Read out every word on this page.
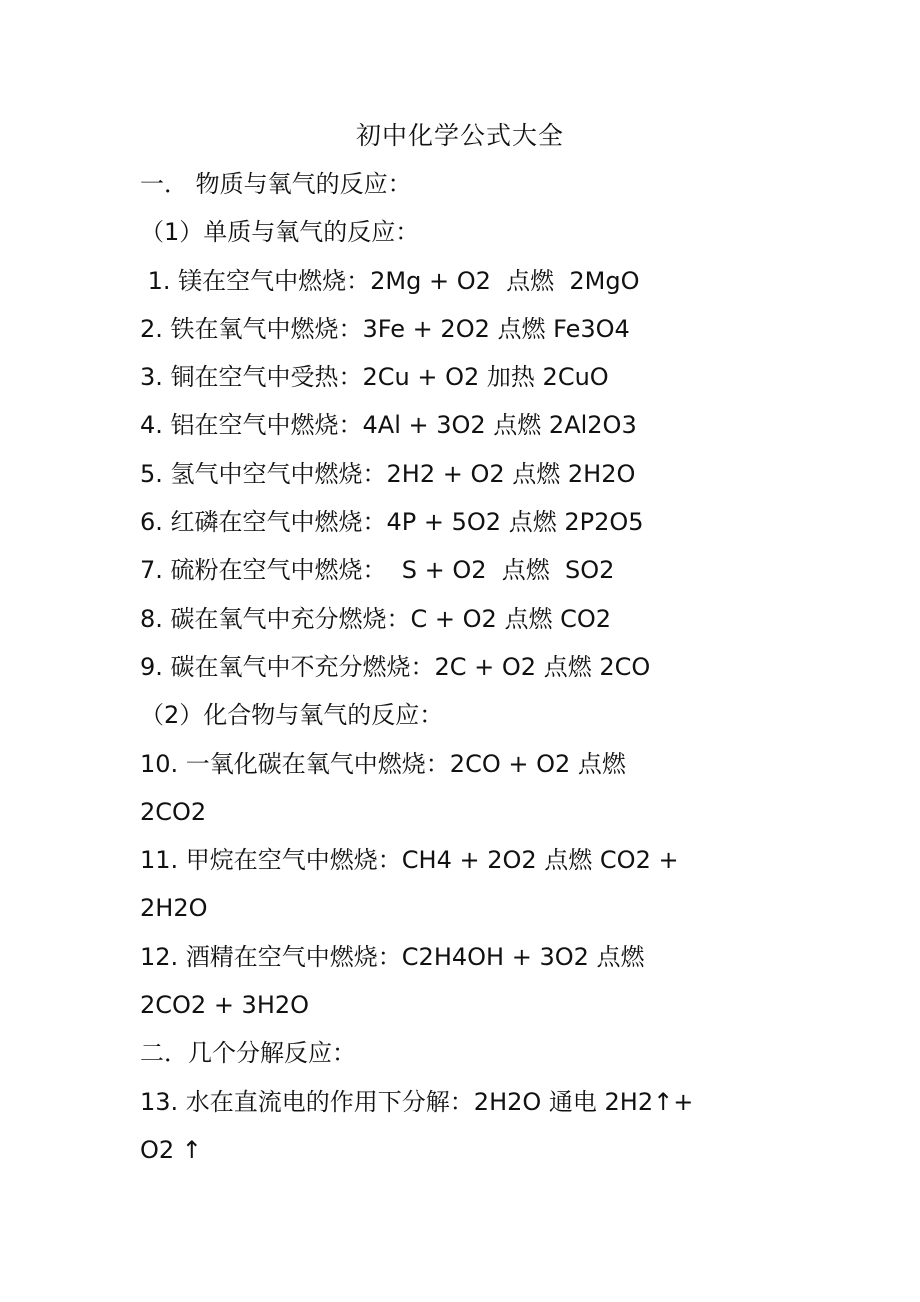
初中化学公式大全
一． 物质与氧气的反应：
（1）单质与氧气的反应：
1. 镁在空气中燃烧：2Mg + O2  点燃  2MgO
2. 铁在氧气中燃烧：3Fe + 2O2 点燃 Fe3O4
3. 铜在空气中受热：2Cu + O2 加热 2CuO
4. 铝在空气中燃烧：4Al + 3O2 点燃 2Al2O3
5. 氢气中空气中燃烧：2H2 + O2 点燃 2H2O
6. 红磷在空气中燃烧：4P + 5O2 点燃 2P2O5
7. 硫粉在空气中燃烧：  S + O2  点燃  SO2
8. 碳在氧气中充分燃烧：C + O2 点燃 CO2
9. 碳在氧气中不充分燃烧：2C + O2 点燃 2CO
（2）化合物与氧气的反应：
10. 一氧化碳在氧气中燃烧：2CO + O2 点燃
2CO2
11. 甲烷在空气中燃烧：CH4 + 2O2 点燃 CO2 +
2H2O
12. 酒精在空气中燃烧：C2H4OH + 3O2 点燃
2CO2 + 3H2O
二．几个分解反应：
13. 水在直流电的作用下分解：2H2O 通电 2H2↑+
O2 ↑
